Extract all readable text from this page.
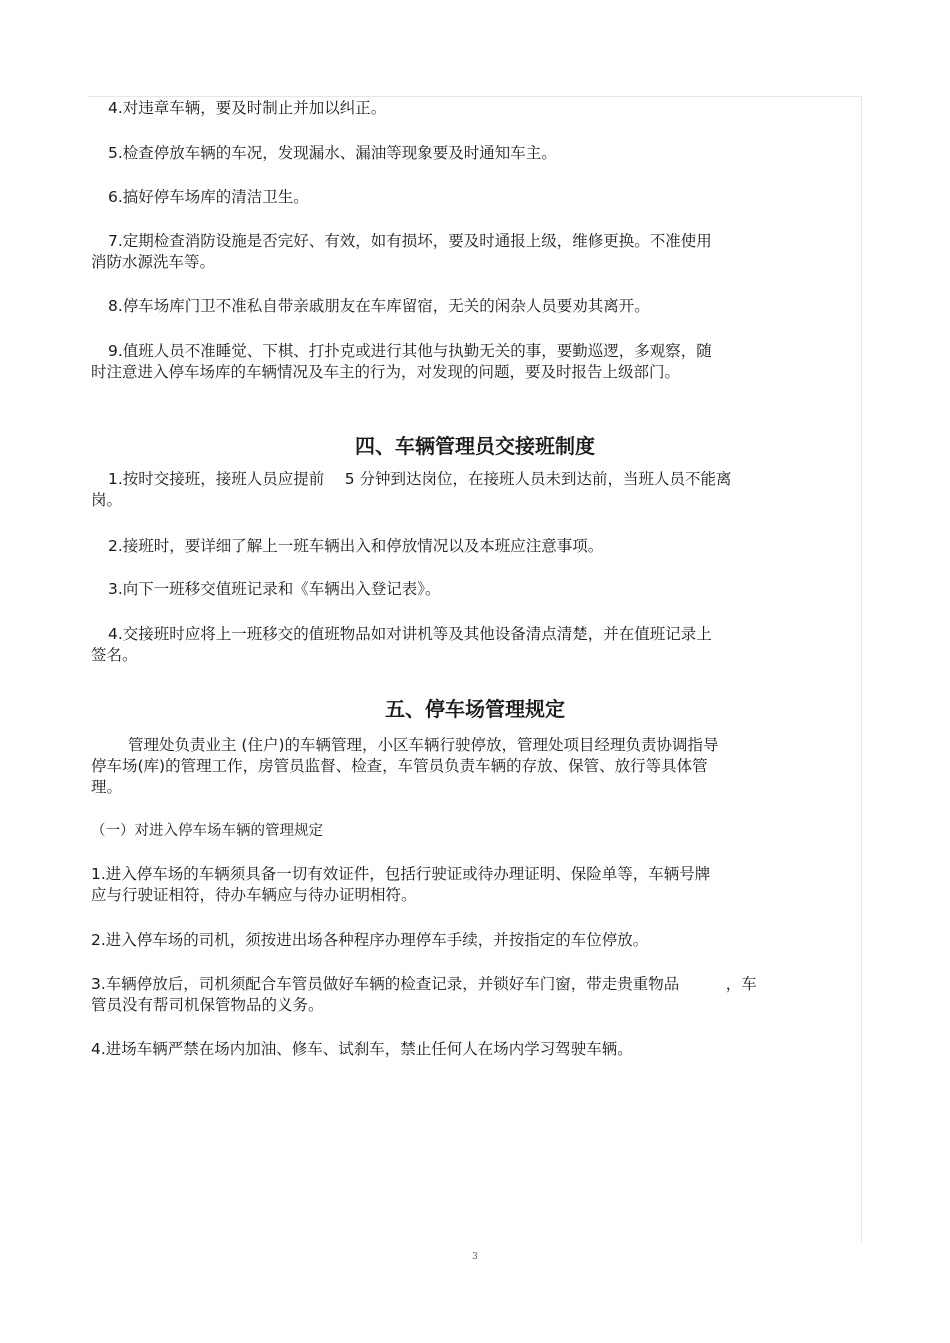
4.对违章车辆，要及时制止并加以纠正。
5.检查停放车辆的车况，发现漏水、漏油等现象要及时通知车主。
6.搞好停车场库的清洁卫生。
7.定期检查消防设施是否完好、有效，如有损坏，要及时通报上级，维修更换。不准使用
消防水源洗车等。
8.停车场库门卫不准私自带亲戚朋友在车库留宿，无关的闲杂人员要劝其离开。
9.值班人员不准睡觉、下棋、打扑克或进行其他与执勤无关的事，要勤巡逻，多观察，随
时注意进入停车场库的车辆情况及车主的行为，对发现的问题，要及时报告上级部门。
四、车辆管理员交接班制度
1.按时交接班，接班人员应提前　 5 分钟到达岗位，在接班人员未到达前，当班人员不能离
岗。
2.接班时，要详细了解上一班车辆出入和停放情况以及本班应注意事项。
3.向下一班移交值班记录和《车辆出入登记表》。
4.交接班时应将上一班移交的值班物品如对讲机等及其他设备清点清楚，并在值班记录上
签名。
五、停车场管理规定
管理处负责业主 (住户)的车辆管理，小区车辆行驶停放，管理处项目经理负责协调指导
停车场(库)的管理工作，房管员监督、检查，车管员负责车辆的存放、保管、放行等具体管
理。
（一）对进入停车场车辆的管理规定
1.进入停车场的车辆须具备一切有效证件，包括行驶证或待办理证明、保险单等，车辆号牌
应与行驶证相符，待办车辆应与待办证明相符。
2.进入停车场的司机，须按进出场各种程序办理停车手续，并按指定的车位停放。
3.车辆停放后，司机须配合车管员做好车辆的检查记录，并锁好车门窗，带走贵重物品　　　，车
管员没有帮司机保管物品的义务。
4.进场车辆严禁在场内加油、修车、试刹车，禁止任何人在场内学习驾驶车辆。
3
